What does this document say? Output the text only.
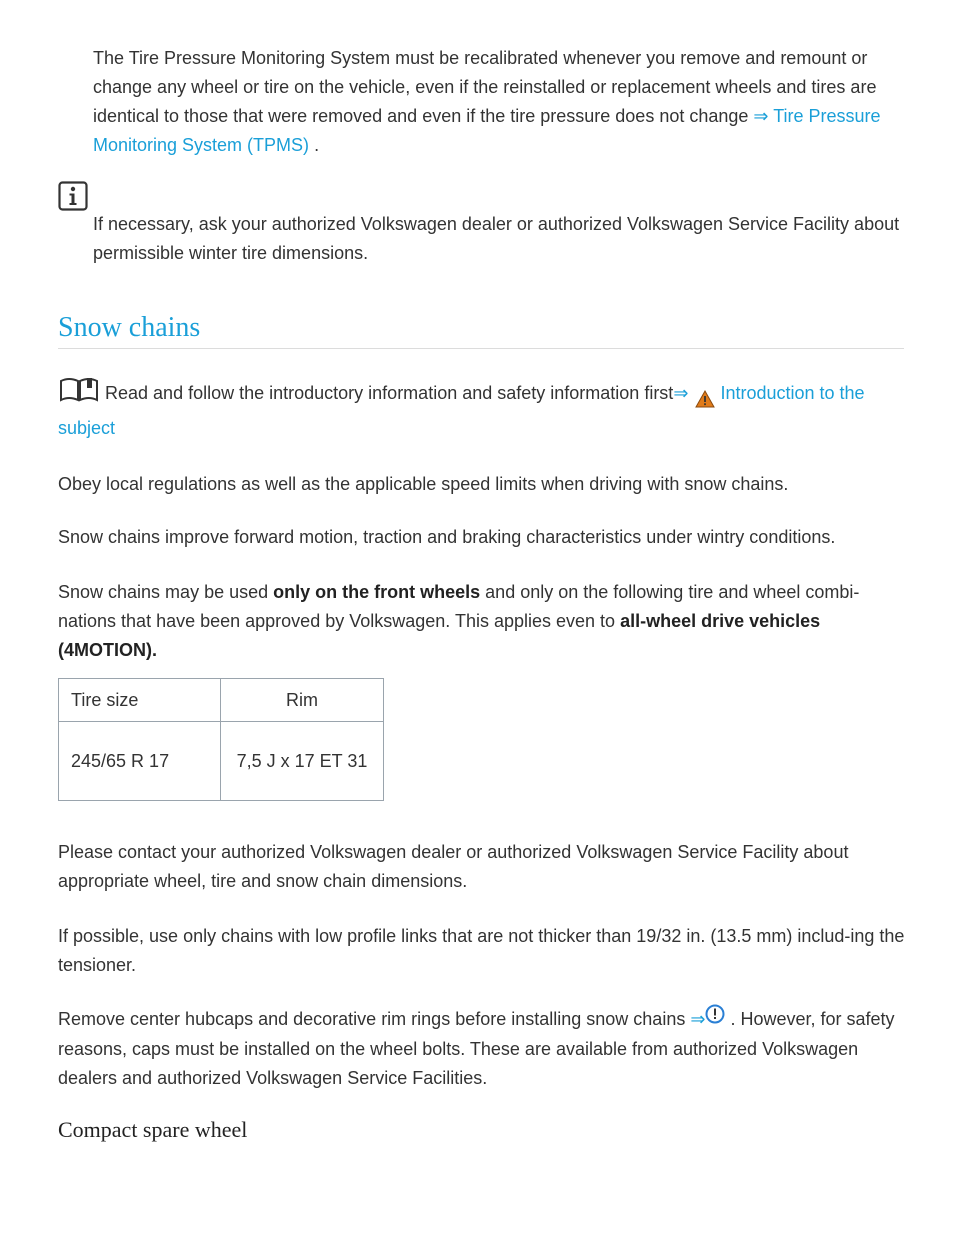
The Tire Pressure Monitoring System must be recalibrated whenever you remove and remount or change any wheel or tire on the vehicle, even if the reinstalled or replacement wheels and tires are identical to those that were removed and even if the tire pressure does not change ⇒ Tire Pressure Monitoring System (TPMS) .

If necessary, ask your authorized Volkswagen dealer or authorized Volkswagen Service Facility about permissible winter tire dimensions.

Snow chains

Read and follow the introductory information and safety information first⇒ Introduction to the subject

Obey local regulations as well as the applicable speed limits when driving with snow chains.

Snow chains improve forward motion, traction and braking characteristics under wintry conditions.

Snow chains may be used only on the front wheels and only on the following tire and wheel combi-nations that have been approved by Volkswagen. This applies even to all-wheel drive vehicles (4MOTION).

Tire size	Rim
245/65 R 17	7,5 J x 17 ET 31

Please contact your authorized Volkswagen dealer or authorized Volkswagen Service Facility about appropriate wheel, tire and snow chain dimensions.

If possible, use only chains with low profile links that are not thicker than 19/32 in. (13.5 mm) includ-ing the tensioner.

Remove center hubcaps and decorative rim rings before installing snow chains ⇒ . However, for safety reasons, caps must be installed on the wheel bolts. These are available from authorized Volkswagen dealers and authorized Volkswagen Service Facilities.

Compact spare wheel
